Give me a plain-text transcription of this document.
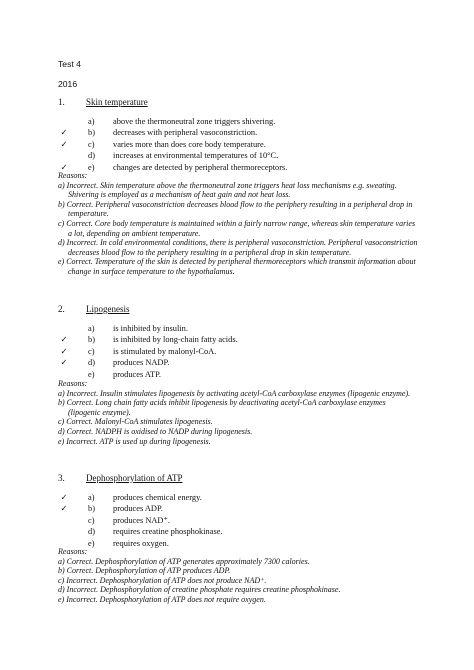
Test 4
2016
1. Skin temperature
a) above the thermoneutral zone triggers shivering.
✓ b) decreases with peripheral vasoconstriction.
✓ c) varies more than does core body temperature.
d) increases at environmental temperatures of 10°C.
✓ e) changes are detected by peripheral thermoreceptors.
Reasons:
a) Incorrect. Skin temperature above the thermoneutral zone triggers heat loss mechanisms e.g. sweating. Shivering is employed as a mechanism of heat gain and not heat loss.
b) Correct. Peripheral vasoconstriction decreases blood flow to the periphery resulting in a peripheral drop in temperature.
c) Correct. Core body temperature is maintained within a fairly narrow range, whereas skin temperature varies a lot, depending on ambient temperature.
d) Incorrect. In cold environmental conditions, there is peripheral vasoconstriction. Peripheral vasoconstriction decreases blood flow to the periphery resulting in a peripheral drop in skin temperature.
e) Correct. Temperature of the skin is detected by peripheral thermoreceptors which transmit information about change in surface temperature to the hypothalamus.
2. Lipogenesis
a) is inhibited by insulin.
✓ b) is inhibited by long-chain fatty acids.
✓ c) is stimulated by malonyl-CoA.
✓ d) produces NADP.
e) produces ATP.
Reasons:
a) Incorrect. Insulin stimulates lipogenesis by activating acetyl-CoA carboxylase enzymes (lipogenic enzyme).
b) Correct. Long chain fatty acids inhibit lipogenesis by deactivating acetyl-CoA carboxylase enzymes (lipogenic enzyme).
c) Correct. Malonyl-CoA stimulates lipogenesis.
d) Correct. NADPH is oxidised to NADP during lipogenesis.
e) Incorrect. ATP is used up during lipogenesis.
3. Dephosphorylation of ATP
✓ a) produces chemical energy.
✓ b) produces ADP.
c) produces NAD⁺.
d) requires creatine phosphokinase.
e) requires oxygen.
Reasons:
a) Correct. Dephosphorylation of ATP generates approximately 7300 calories.
b) Correct. Dephosphorylation of ATP produces ADP.
c) Incorrect. Dephosphorylation of ATP does not produce NAD⁺.
d) Incorrect. Dephosphorylation of creatine phosphate requires creatine phosphokinase.
e) Incorrect. Dephosphorylation of ATP does not require oxygen.
